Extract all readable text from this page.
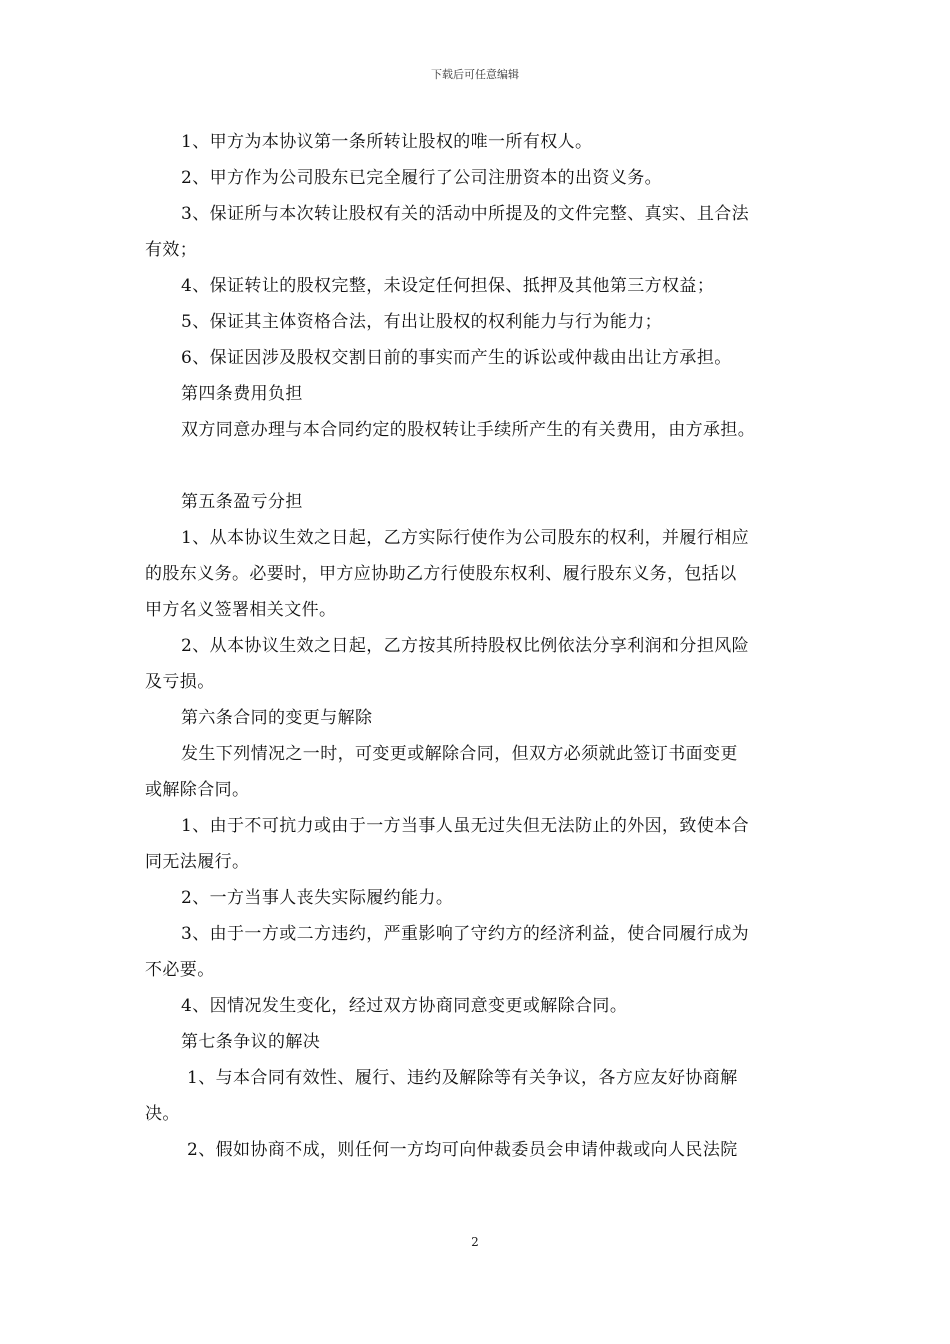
下载后可任意编辑
1、甲方为本协议第一条所转让股权的唯一所有权人。
2、甲方作为公司股东已完全履行了公司注册资本的出资义务。
3、保证所与本次转让股权有关的活动中所提及的文件完整、真实、且合法
有效；
4、保证转让的股权完整，未设定任何担保、抵押及其他第三方权益；
5、保证其主体资格合法，有出让股权的权利能力与行为能力；
6、保证因涉及股权交割日前的事实而产生的诉讼或仲裁由出让方承担。
第四条费用负担
双方同意办理与本合同约定的股权转让手续所产生的有关费用，由方承担。
第五条盈亏分担
1、从本协议生效之日起，乙方实际行使作为公司股东的权利，并履行相应
的股东义务。必要时，甲方应协助乙方行使股东权利、履行股东义务，包括以
甲方名义签署相关文件。
2、从本协议生效之日起，乙方按其所持股权比例依法分享利润和分担风险
及亏损。
第六条合同的变更与解除
发生下列情况之一时，可变更或解除合同，但双方必须就此签订书面变更
或解除合同。
1、由于不可抗力或由于一方当事人虽无过失但无法防止的外因，致使本合
同无法履行。
2、一方当事人丧失实际履约能力。
3、由于一方或二方违约，严重影响了守约方的经济利益，使合同履行成为
不必要。
4、因情况发生变化，经过双方协商同意变更或解除合同。
第七条争议的解决
1、与本合同有效性、履行、违约及解除等有关争议，各方应友好协商解
决。
2、假如协商不成，则任何一方均可向仲裁委员会申请仲裁或向人民法院
2
